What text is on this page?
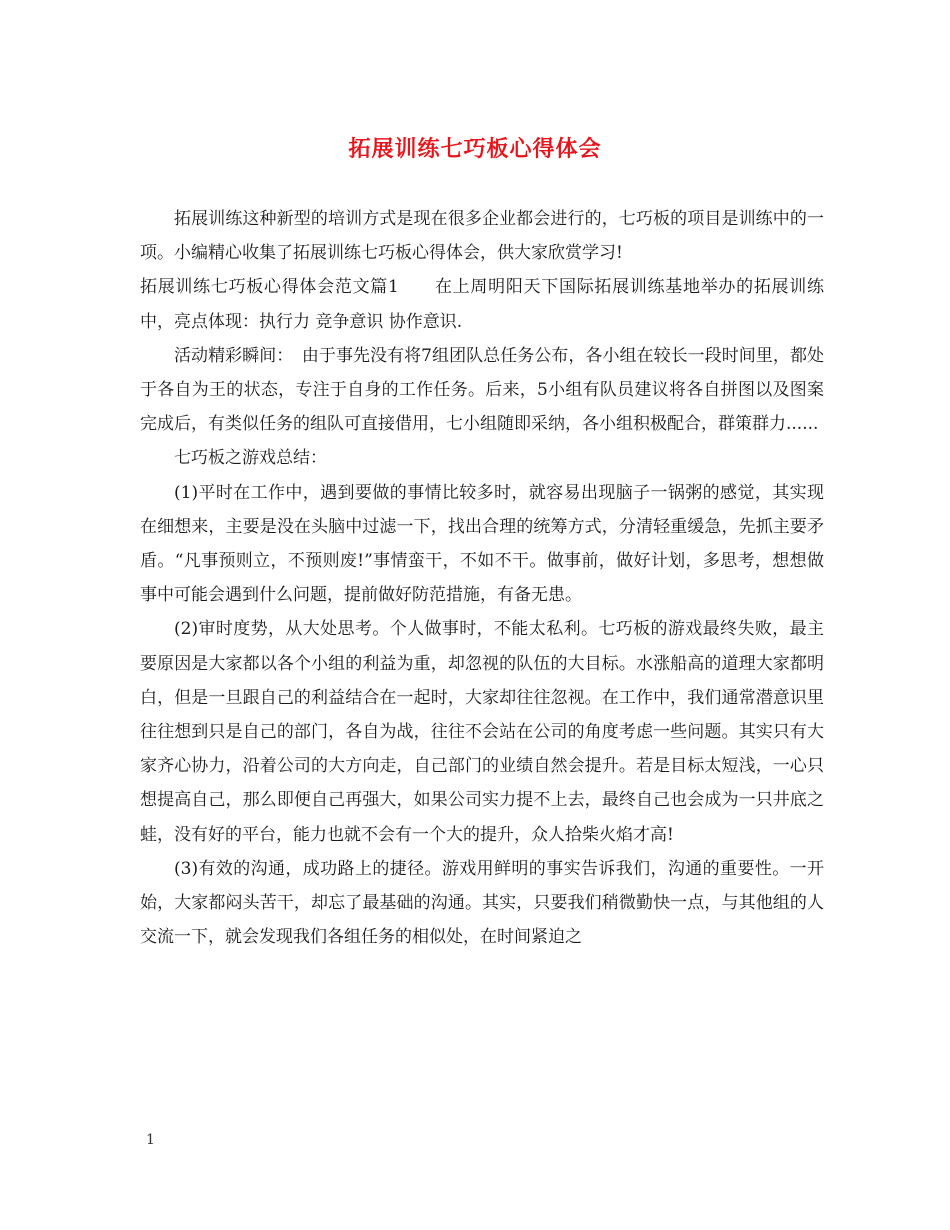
拓展训练七巧板心得体会

拓展训练这种新型的培训方式是现在很多企业都会进行的，七巧板的项目是训练中的一项。小编精心收集了拓展训练七巧板心得体会，供大家欣赏学习!

拓展训练七巧板心得体会范文篇1　　在上周明阳天下国际拓展训练基地举办的拓展训练中，亮点体现：执行力 竞争意识 协作意识.

活动精彩瞬间：　由于事先没有将7组团队总任务公布，各小组在较长一段时间里，都处于各自为王的状态，专注于自身的工作任务。后来，5小组有队员建议将各自拼图以及图案完成后，有类似任务的组队可直接借用，七小组随即采纳，各小组积极配合，群策群力......

七巧板之游戏总结：

(1)平时在工作中，遇到要做的事情比较多时，就容易出现脑子一锅粥的感觉，其实现在细想来，主要是没在头脑中过滤一下，找出合理的统筹方式，分清轻重缓急，先抓主要矛盾。“凡事预则立，不预则废!”事情蛮干，不如不干。做事前，做好计划，多思考，想想做事中可能会遇到什么问题，提前做好防范措施，有备无患。

(2)审时度势，从大处思考。个人做事时，不能太私利。七巧板的游戏最终失败，最主要原因是大家都以各个小组的利益为重，却忽视的队伍的大目标。水涨船高的道理大家都明白，但是一旦跟自己的利益结合在一起时，大家却往往忽视。在工作中，我们通常潜意识里往往想到只是自己的部门，各自为战，往往不会站在公司的角度考虑一些问题。其实只有大家齐心协力，沿着公司的大方向走，自己部门的业绩自然会提升。若是目标太短浅，一心只想提高自己，那么即便自己再强大，如果公司实力提不上去，最终自己也会成为一只井底之蛙，没有好的平台，能力也就不会有一个大的提升，众人拾柴火焰才高!

(3)有效的沟通，成功路上的捷径。游戏用鲜明的事实告诉我们，沟通的重要性。一开始，大家都闷头苦干，却忘了最基础的沟通。其实，只要我们稍微勤快一点，与其他组的人交流一下，就会发现我们各组任务的相似处，在时间紧迫之

1
